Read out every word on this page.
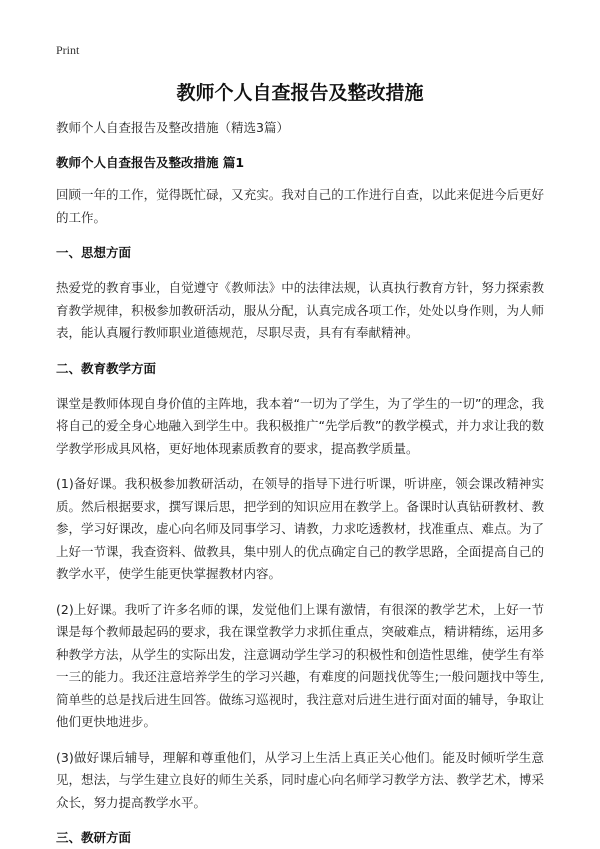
Print
教师个人自查报告及整改措施

教师个人自查报告及整改措施（精选3篇）

教师个人自查报告及整改措施 篇1

回顾一年的工作，觉得既忙碌，又充实。我对自己的工作进行自查，以此来促进今后更好的工作。

一、思想方面

热爱党的教育事业，自觉遵守《教师法》中的法律法规，认真执行教育方针，努力探索教育教学规律，积极参加教研活动，服从分配，认真完成各项工作，处处以身作则，为人师表，能认真履行教师职业道德规范，尽职尽责，具有有奉献精神。

二、教育教学方面

课堂是教师体现自身价值的主阵地，我本着“一切为了学生，为了学生的一切”的理念，我将自己的爱全身心地融入到学生中。我积极推广“先学后教”的教学模式，并力求让我的数学教学形成具风格，更好地体现素质教育的要求，提高教学质量。

(1)备好课。我积极参加教研活动，在领导的指导下进行听课，听讲座，领会课改精神实质。然后根据要求，撰写课后思，把学到的知识应用在教学上。备课时认真钻研教材、教参，学习好课改，虚心向名师及同事学习、请教，力求吃透教材，找准重点、难点。为了上好一节课，我查资料、做教具，集中别人的优点确定自己的教学思路，全面提高自己的教学水平，使学生能更快掌握教材内容。

(2)上好课。我听了许多名师的课，发觉他们上课有激情，有很深的教学艺术，上好一节课是每个教师最起码的要求，我在课堂教学力求抓住重点，突破难点，精讲精练，运用多种教学方法，从学生的实际出发，注意调动学生学习的积极性和创造性思维，使学生有举一三的能力。我还注意培养学生的学习兴趣，有难度的问题找优等生;一般问题找中等生,简单些的总是找后进生回答。做练习巡视时，我注意对后进生进行面对面的辅导，争取让他们更快地进步。

(3)做好课后辅导，理解和尊重他们，从学习上生活上真正关心他们。能及时倾听学生意见，想法，与学生建立良好的师生关系，同时虚心向名师学习教学方法、教学艺术，博采众长，努力提高教学水平。

三、教研方面
